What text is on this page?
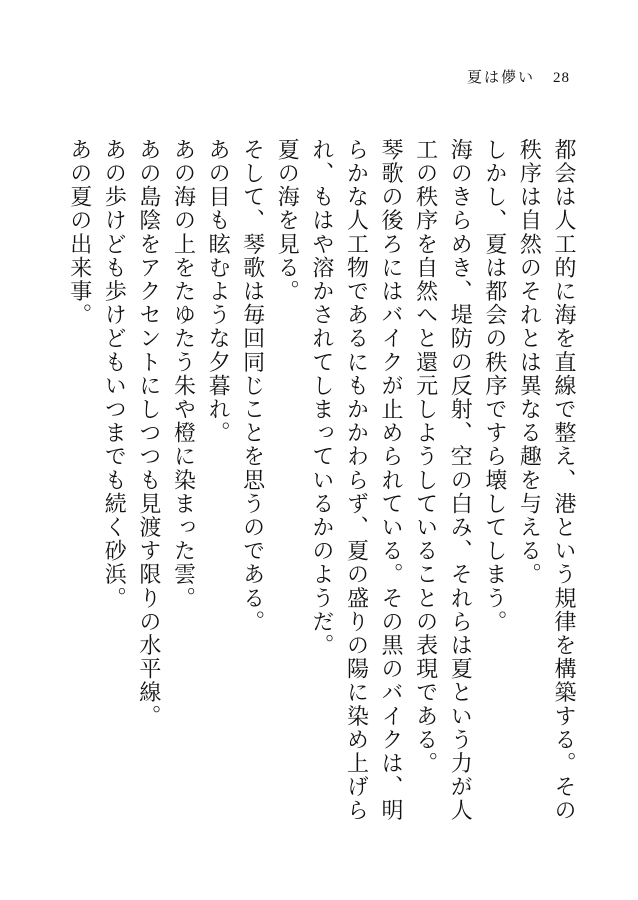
夏は儚い 28

都会は人工的に海を直線で整え、港という規律を構築する。その秩序は自然のそれとは異なる趣を与える。

しかし、夏は都会の秩序ですら壊してしまう。

海のきらめき、堤防の反射、空の白み、それらは夏という力が人工の秩序を自然へと還元しようしていることの表現である。

琴歌の後ろにはバイクが止められている。その黒のバイクは、明らかな人工物であるにもかかわらず、夏の盛りの陽に染め上げられ、もはや溶かされてしまっているかのようだ。

夏の海を見る。

そして、琴歌は毎回同じことを思うのである。

あの目も眩むような夕暮れ。

あの海の上をたゆたう朱や橙に染まった雲。

あの島陰をアクセントにしつつも見渡す限りの水平線。

あの歩けども歩けどもいつまでも続く砂浜。

あの夏の出来事。
